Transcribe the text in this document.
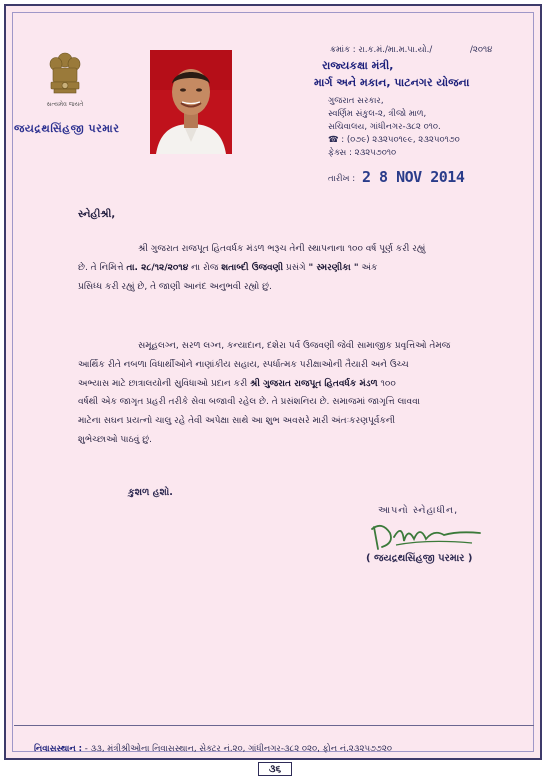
સત્યમેવ જયતે
જયદ્રથસિંહજી પરમાર
ક્રમાંક : રા.ક.મં./મા.મ.પા.યો./	/૨૦૧૪
રાજ્યકક્ષા મંત્રી,
માર્ગ અને મકાન, પાટનગર યોજના
ગુજરાત સરકાર,
સ્વર્ણિમ સંકુલ-૨, ત્રીજો માળ,
સચિવાલય, ગાંધીનગર-૩૮૨ ૦૧૦.
☎ : (૦૭૯) ૨૩૨૫૦૧૯૯, ૨૩૨૫૦૧૭૦
ફેક્સ : ૨૩૨૫૭૦૧૦
તારીખ : 2 8 NOV 2014
સ્નેહીશ્રી,
શ્રી ગુજરાત રાજપૂત હિતવર્ધક મંડળ ભરૂચ તેની સ્થાપનાના ૧૦૦ વર્ષ પૂર્ણ કરી રહ્યું
છે. તે નિમિત્તે તા. ૨૮/૧૨/૨૦૧૪ ના રોજ શતાબ્દી ઉજવણી પ્રસંગે " સ્મરણીકા " અંક
પ્રસિધ્ધ કરી રહ્યું છે, તે જાણી આનંદ અનુભવી રહ્યો છું.
સમૂહલગ્ન, સરળ લગ્ન, કન્યાદાન, દશેરા પર્વ ઉજવણી જેવી સામાજીક પ્રવૃત્તિઓ તેમજ
આર્થિક રીતે નબળા વિધાર્થીઓને નાણાંકીય સહાય, સ્પર્ધાત્મક પરીક્ષાઓની તૈયારી અને ઉચ્ચ
અભ્યાસ માટે છાત્રાલયોની સુવિધાઓ પ્રદાન કરી શ્રી ગુજરાત રાજપૂત હિતવર્ધક મંડળ ૧૦૦
વર્ષથી એક જાગૃત પ્રહરી તરીકે સેવા બજાવી રહેલ છે. તે પ્રસંશનિય છે. સમાજમાં જાગૃત્તિ લાવવા
માટેના સઘન પ્રયત્નો ચાલુ રહે તેવી અપેક્ષા સાથે આ શુભ અવસરે મારી અંતઃકરણપૂર્વકની
શુભેચ્છાઓ પાઠવું છું.
કુશળ હશો.
આપનો સ્નેહાધીન,
( જયદ્રથસિંહજી પરમાર )
નિવાસસ્થાન : - ૩૩, મંત્રીશ્રીઓના નિવાસસ્થાન, સેક્ટર નં.૨૦, ગાંધીનગર-૩૮૨ ૦૨૦, ફોન નં.૨૩૨૫૭૭૨૦
૩૬
